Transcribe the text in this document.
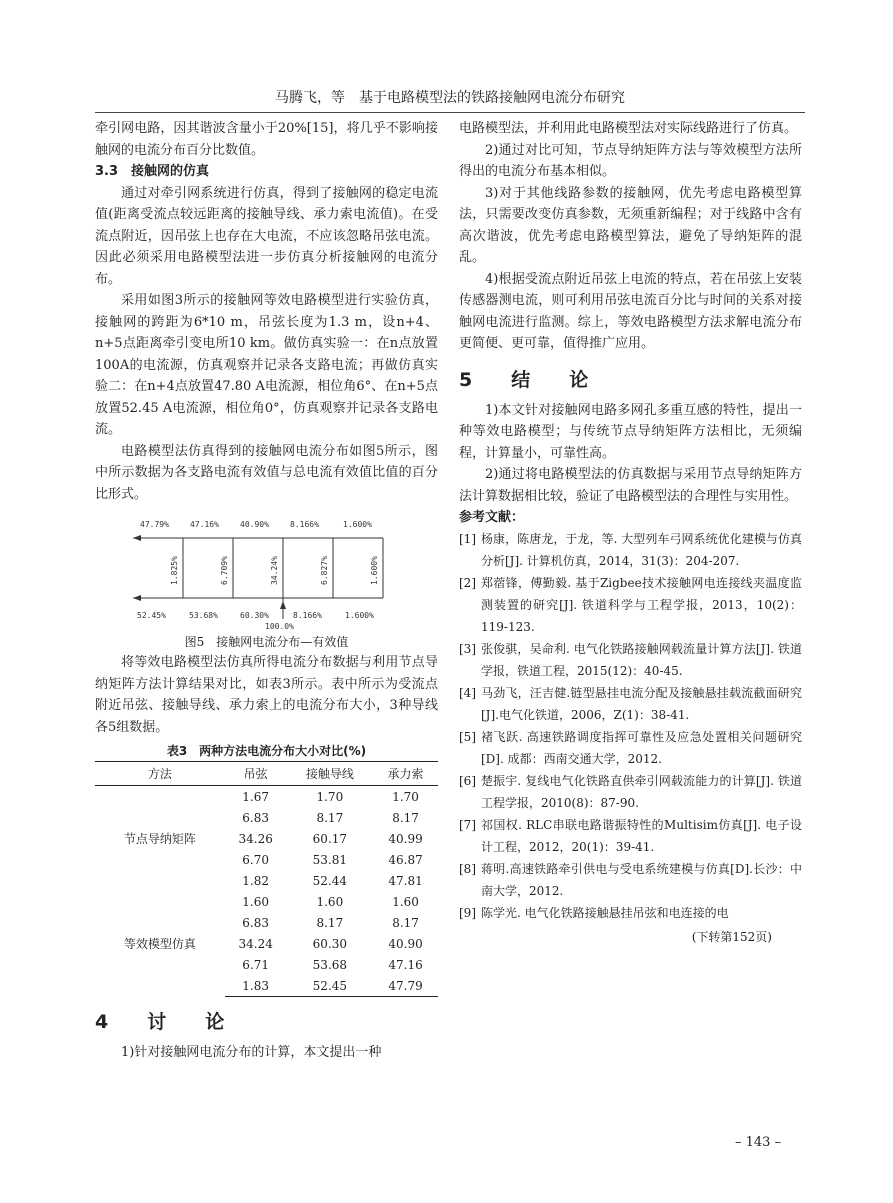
马腾飞，等　基于电路模型法的铁路接触网电流分布研究

牵引网电路，因其谐波含量小于20%[15]，将几乎不影响接触网的电流分布百分比数值。

3.3　接触网的仿真

通过对牵引网系统进行仿真，得到了接触网的稳定电流值(距离受流点较远距离的接触导线、承力索电流值)。在受流点附近，因吊弦上也存在大电流，不应该忽略吊弦电流。因此必须采用电路模型法进一步仿真分析接触网的电流分布。

采用如图3所示的接触网等效电路模型进行实验仿真，接触网的跨距为6*10 m，吊弦长度为1.3 m，设n+4、n+5点距离牵引变电所10 km。做仿真实验一：在n点放置100A的电流源，仿真观察并记录各支路电流；再做仿真实验二：在n+4点放置47.80 A电流源，相位角6°、在n+5点放置52.45 A电流源，相位角0°，仿真观察并记录各支路电流。

电路模型法仿真得到的接触网电流分布如图5所示，图中所示数据为各支路电流有效值与总电流有效值比值的百分比形式。

47.79%	47.16%	40.90%	8.166%	1.600%
52.45%	53.68%	60.30%	8.166%	1.600%
100.0%
1.825%	6.709%	34.24%	6.827%	1.600%
图5　接触网电流分布—有效值

将等效电路模型法仿真所得电流分布数据与利用节点导纳矩阵方法计算结果对比，如表3所示。表中所示为受流点附近吊弦、接触导线、承力索上的电流分布大小，3种导线各5组数据。

表3　两种方法电流分布大小对比(%)
方法	吊弦	接触导线	承力索
节点导纳矩阵	1.67	1.70	1.70
	6.83	8.17	8.17
	34.26	60.17	40.99
	6.70	53.81	46.87
	1.82	52.44	47.81
等效模型仿真	1.60	1.60	1.60
	6.83	8.17	8.17
	34.24	60.30	40.90
	6.71	53.68	47.16
	1.83	52.45	47.79
4　讨　论

1)针对接触网电流分布的计算，本文提出一种

电路模型法，并利用此电路模型法对实际线路进行了仿真。

2)通过对比可知，节点导纳矩阵方法与等效模型方法所得出的电流分布基本相似。

3)对于其他线路参数的接触网，优先考虑电路模型算法，只需要改变仿真参数，无须重新编程；对于线路中含有高次谐波，优先考虑电路模型算法，避免了导纳矩阵的混乱。

4)根据受流点附近吊弦上电流的特点，若在吊弦上安装传感器测电流，则可利用吊弦电流百分比与时间的关系对接触网电流进行监测。综上，等效电路模型方法求解电流分布更简便、更可靠，值得推广应用。

5　结　论

1)本文针对接触网电路多网孔多重互感的特性，提出一种等效电路模型；与传统节点导纳矩阵方法相比，无须编程，计算量小，可靠性高。

2)通过将电路模型法的仿真数据与采用节点导纳矩阵方法计算数据相比较，验证了电路模型法的合理性与实用性。

参考文献：
[1] 杨康，陈唐龙，于龙，等. 大型列车弓网系统优化建模与仿真分析[J]. 计算机仿真，2014，31(3)：204-207.
[2] 郑蓿锋，傅勤毅. 基于Zigbee技术接触网电连接线夹温度监测装置的研究[J]. 铁道科学与工程学报，2013，10(2)：119-123.
[3] 张俊骐，吴命利. 电气化铁路接触网载流量计算方法[J]. 铁道学报，铁道工程，2015(12)：40-45.
[4] 马劲飞，汪吉健.链型悬挂电流分配及接触悬挂载流截面研究[J].电气化铁道，2006，Z(1)：38-41.
[5] 褚飞跃. 高速铁路调度指挥可靠性及应急处置相关问题研究[D]. 成都：西南交通大学，2012.
[6] 楚振宇. 复线电气化铁路直供牵引网载流能力的计算[J]. 铁道工程学报，2010(8)：87-90.
[7] 祁国权. RLC串联电路谐振特性的Multisim仿真[J]. 电子设计工程，2012，20(1)：39-41.
[8] 蒋明.高速铁路牵引供电与受电系统建模与仿真[D].长沙：中南大学，2012.
[9] 陈学光. 电气化铁路接触悬挂吊弦和电连接的电
(下转第152页)
– 143 –
